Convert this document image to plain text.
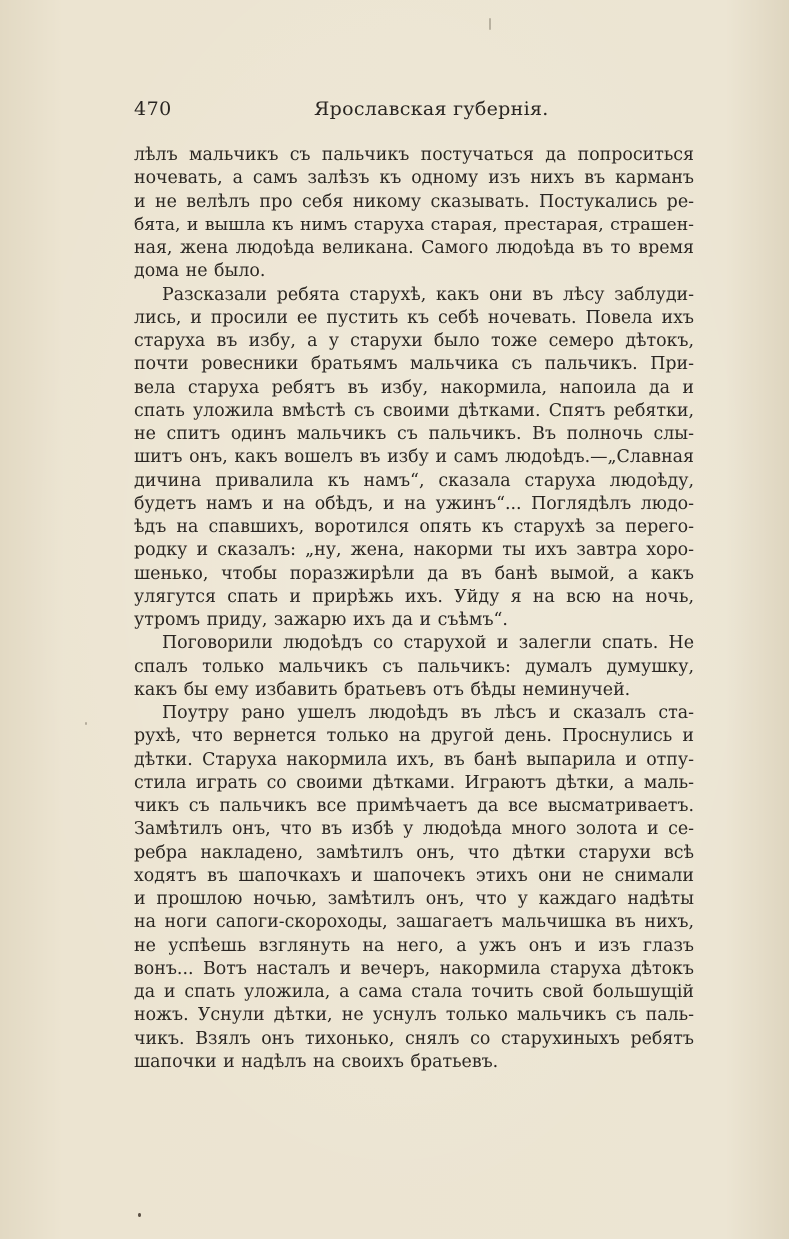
470	Ярославская губернія.
лѣлъ мальчикъ съ пальчикъ постучаться да попроситься
ночевать, а самъ залѣзъ къ одному изъ нихъ въ карманъ
и не велѣлъ про себя никому сказывать. Постукались ре-
бята, и вышла къ нимъ старуха старая, престарая, страшен-
ная, жена людоѣда великана. Самого людоѣда въ то время
дома не было.
Разсказали ребята старухѣ, какъ они въ лѣсу заблуди-
лись, и просили ее пустить къ себѣ ночевать. Повела ихъ
старуха въ избу, а у старухи было тоже семеро дѣтокъ,
почти ровесники братьямъ мальчика съ пальчикъ. При-
вела старуха ребятъ въ избу, накормила, напоила да и
спать уложила вмѣстѣ съ своими дѣтками. Спятъ ребятки,
не спитъ одинъ мальчикъ съ пальчикъ. Въ полночь слы-
шитъ онъ, какъ вошелъ въ избу и самъ людоѣдъ.—„Славная
дичина привалила къ намъ“, сказала старуха людоѣду,
будетъ намъ и на обѣдъ, и на ужинъ“... Поглядѣлъ людо-
ѣдъ на спавшихъ, воротился опять къ старухѣ за перего-
родку и сказалъ: „ну, жена, накорми ты ихъ завтра хоро-
шенько, чтобы поразжирѣли да въ банѣ вымой, а какъ
улягутся спать и прирѣжь ихъ. Уйду я на всю на ночь,
утромъ приду, зажарю ихъ да и съѣмъ“.
Поговорили людоѣдъ со старухой и залегли спать. Не
спалъ только мальчикъ съ пальчикъ: думалъ думушку,
какъ бы ему избавить братьевъ отъ бѣды неминучей.
Поутру рано ушелъ людоѣдъ въ лѣсъ и сказалъ ста-
рухѣ, что вернется только на другой день. Проснулись и
дѣтки. Старуха накормила ихъ, въ банѣ выпарила и отпу-
стила играть со своими дѣтками. Играютъ дѣтки, а маль-
чикъ съ пальчикъ все примѣчаетъ да все высматриваетъ.
Замѣтилъ онъ, что въ избѣ у людоѣда много золота и се-
ребра накладено, замѣтилъ онъ, что дѣтки старухи всѣ
ходятъ въ шапочкахъ и шапочекъ этихъ они не снимали
и прошлою ночью, замѣтилъ онъ, что у каждаго надѣты
на ноги сапоги-скороходы, зашагаетъ мальчишка въ нихъ,
не успѣешь взглянуть на него, а ужъ онъ и изъ глазъ
вонъ... Вотъ насталъ и вечеръ, накормила старуха дѣтокъ
да и спать уложила, а сама стала точить свой большущій
ножъ. Уснули дѣтки, не уснулъ только мальчикъ съ паль-
чикъ. Взялъ онъ тихонько, снялъ со старухиныхъ ребятъ
шапочки и надѣлъ на своихъ братьевъ.
